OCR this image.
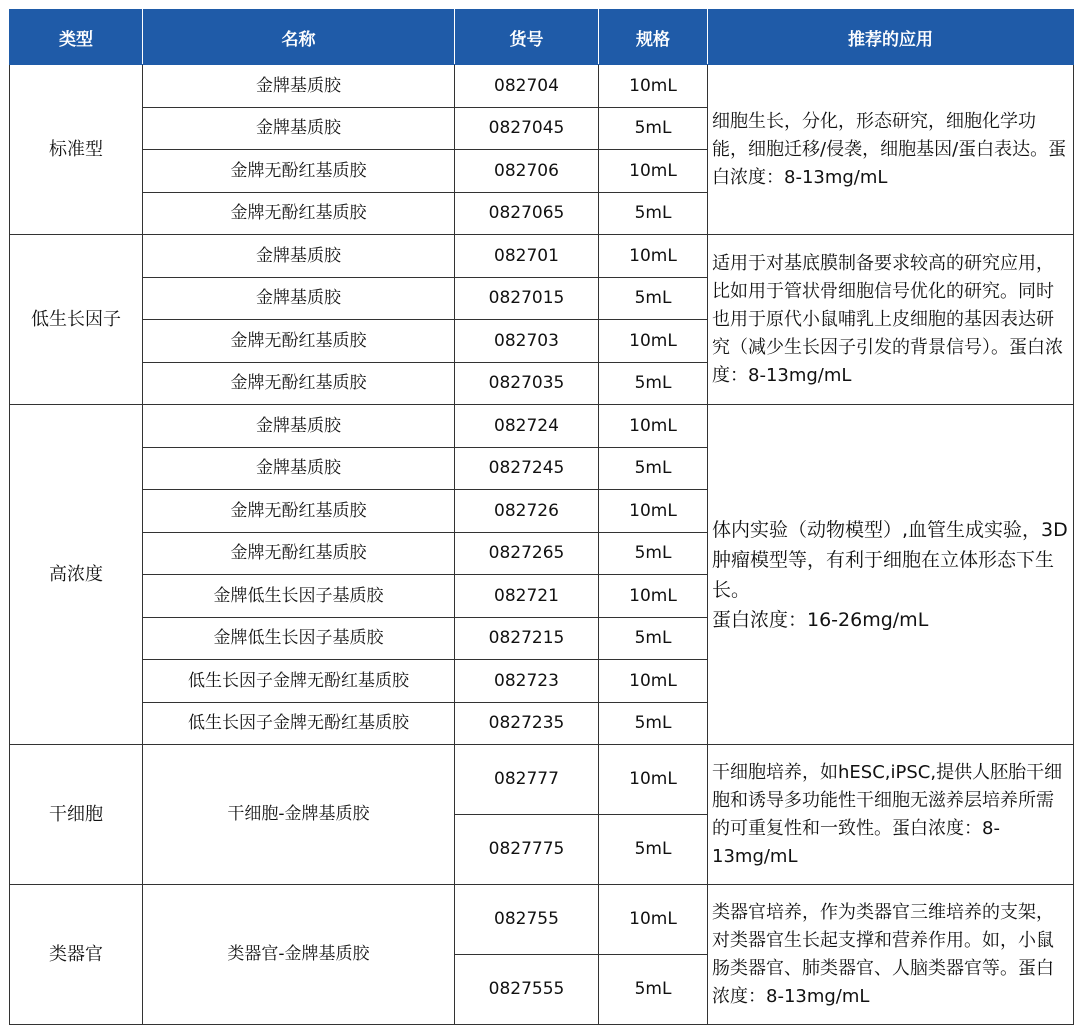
类型	名称	货号	规格	推荐的应用
标准型	金牌基质胶	082704	10mL	细胞生长，分化，形态研究，细胞化学功能，细胞迁移/侵袭，细胞基因/蛋白表达。蛋白浓度：8-13mg/mL
	金牌基质胶	0827045	5mL	
	金牌无酚红基质胶	082706	10mL	
	金牌无酚红基质胶	0827065	5mL	
低生长因子	金牌基质胶	082701	10mL	适用于对基底膜制备要求较高的研究应用，比如用于管状骨细胞信号优化的研究。同时也用于原代小鼠哺乳上皮细胞的基因表达研究（减少生长因子引发的背景信号）。蛋白浓度：8-13mg/mL
	金牌基质胶	0827015	5mL	
	金牌无酚红基质胶	082703	10mL	
	金牌无酚红基质胶	0827035	5mL	
高浓度	金牌基质胶	082724	10mL	体内实验（动物模型）,血管生成实验，3D肿瘤模型等，有利于细胞在立体形态下生长。
蛋白浓度：16-26mg/mL
	金牌基质胶	0827245	5mL	
	金牌无酚红基质胶	082726	10mL	
	金牌无酚红基质胶	0827265	5mL	
	金牌低生长因子基质胶	082721	10mL	
	金牌低生长因子基质胶	0827215	5mL	
	低生长因子金牌无酚红基质胶	082723	10mL	
	低生长因子金牌无酚红基质胶	0827235	5mL	
干细胞	干细胞-金牌基质胶	082777	10mL	干细胞培养，如hESC,iPSC,提供人胚胎干细胞和诱导多功能性干细胞无滋养层培养所需的可重复性和一致性。蛋白浓度：8-13mg/mL
		0827775	5mL	
类器官	类器官-金牌基质胶	082755	10mL	类器官培养，作为类器官三维培养的支架，对类器官生长起支撑和营养作用。如，小鼠肠类器官、肺类器官、人脑类器官等。蛋白浓度：8-13mg/mL
		0827555	5mL	
